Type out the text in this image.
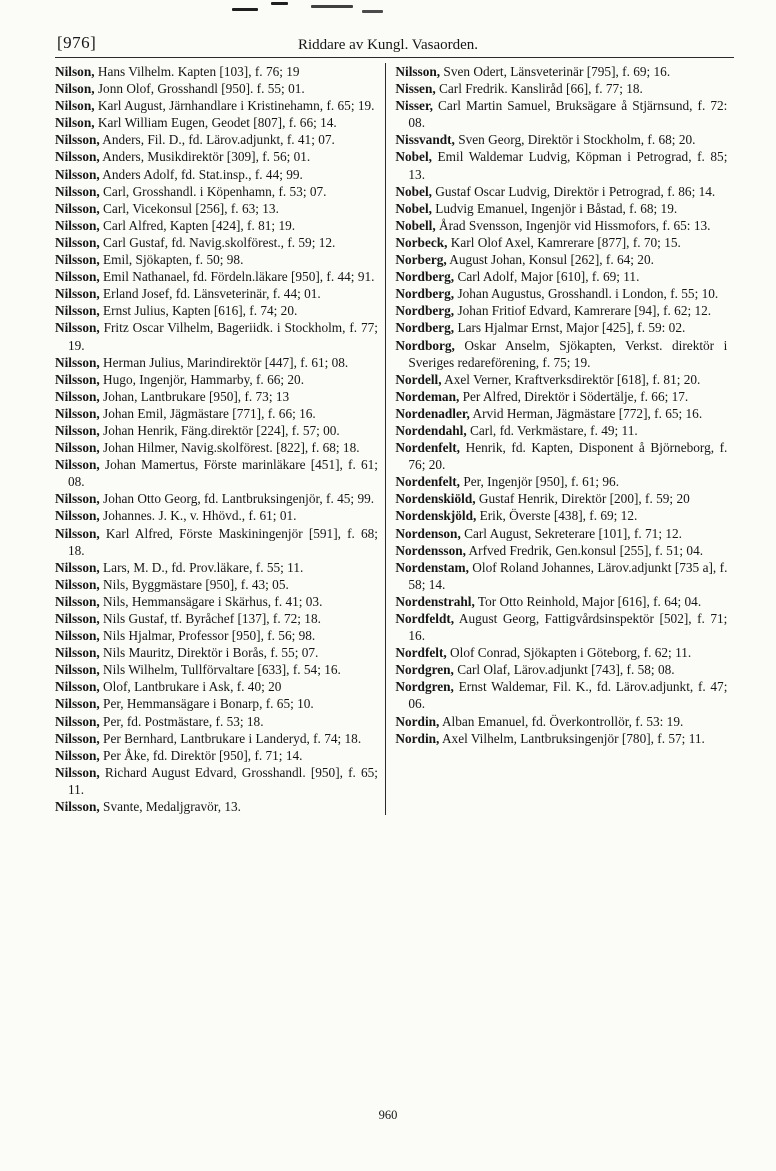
[976]	Riddare av Kungl. Vasaorden.

Nilson, Hans Vilhelm. Kapten [103], f. 76; 19

Nilson, Jonn Olof, Grosshandl [950]. f. 55; 01.

Nilson, Karl August, Järnhandlare i Kristinehamn, f. 65; 19.

Nilson, Karl William Eugen, Geodet [807], f. 66; 14.

Nilsson, Anders, Fil. D., fd. Lärov.adjunkt, f. 41; 07.

Nilsson, Anders, Musikdirektör [309], f. 56; 01.

Nilsson, Anders Adolf, fd. Stat.insp., f. 44; 99.

Nilsson, Carl, Grosshandl. i Köpenhamn, f. 53; 07.

Nilsson, Carl, Vicekonsul [256], f. 63; 13.

Nilsson, Carl Alfred, Kapten [424], f. 81; 19.

Nilsson, Carl Gustaf, fd. Navig.skolförest., f. 59; 12.

Nilsson, Emil, Sjökapten, f. 50; 98.

Nilsson, Emil Nathanael, fd. Fördeln.läkare [950], f. 44; 91.

Nilsson, Erland Josef, fd. Länsveterinär, f. 44; 01.

Nilsson, Ernst Julius, Kapten [616], f. 74; 20.

Nilsson, Fritz Oscar Vilhelm, Bageriidk. i Stockholm, f. 77; 19.

Nilsson, Herman Julius, Marindirektör [447], f. 61; 08.

Nilsson, Hugo, Ingenjör, Hammarby, f. 66; 20.

Nilsson, Johan, Lantbrukare [950], f. 73; 13

Nilsson, Johan Emil, Jägmästare [771], f. 66; 16.

Nilsson, Johan Henrik, Fäng.direktör [224], f. 57; 00.

Nilsson, Johan Hilmer, Navig.skolförest. [822], f. 68; 18.

Nilsson, Johan Mamertus, Förste marinläkare [451], f. 61; 08.

Nilsson, Johan Otto Georg, fd. Lantbruksingenjör, f. 45; 99.

Nilsson, Johannes. J. K., v. Hhövd., f. 61; 01.

Nilsson, Karl Alfred, Förste Maskiningenjör [591], f. 68; 18.

Nilsson, Lars, M. D., fd. Prov.läkare, f. 55; 11.

Nilsson, Nils, Byggmästare [950], f. 43; 05.

Nilsson, Nils, Hemmansägare i Skärhus, f. 41; 03.

Nilsson, Nils Gustaf, tf. Byråchef [137], f. 72; 18.

Nilsson, Nils Hjalmar, Professor [950], f. 56; 98.

Nilsson, Nils Mauritz, Direktör i Borås, f. 55; 07.

Nilsson, Nils Wilhelm, Tullförvaltare [633], f. 54; 16.

Nilsson, Olof, Lantbrukare i Ask, f. 40; 20

Nilsson, Per, Hemmansägare i Bonarp, f. 65; 10.

Nilsson, Per, fd. Postmästare, f. 53; 18.

Nilsson, Per Bernhard, Lantbrukare i Landeryd, f. 74; 18.

Nilsson, Per Åke, fd. Direktör [950], f. 71; 14.

Nilsson, Richard August Edvard, Grosshandl. [950], f. 65; 11.

Nilsson, Svante, Medaljgravör, 13.

Nilsson, Sven Odert, Länsveterinär [795], f. 69; 16.

Nissen, Carl Fredrik. Kansliråd [66], f. 77; 18.

Nisser, Carl Martin Samuel, Bruksägare å Stjärnsund, f. 72: 08.

Nissvandt, Sven Georg, Direktör i Stockholm, f. 68; 20.

Nobel, Emil Waldemar Ludvig, Köpman i Petrograd, f. 85; 13.

Nobel, Gustaf Oscar Ludvig, Direktör i Petrograd, f. 86; 14.

Nobel, Ludvig Emanuel, Ingenjör i Båstad, f. 68; 19.

Nobell, Årad Svensson, Ingenjör vid Hissmofors, f. 65: 13.

Norbeck, Karl Olof Axel, Kamrerare [877], f. 70; 15.

Norberg, August Johan, Konsul [262], f. 64; 20.

Nordberg, Carl Adolf, Major [610], f. 69; 11.

Nordberg, Johan Augustus, Grosshandl. i London, f. 55; 10.

Nordberg, Johan Fritiof Edvard, Kamrerare [94], f. 62; 12.

Nordberg, Lars Hjalmar Ernst, Major [425], f. 59: 02.

Nordborg, Oskar Anselm, Sjökapten, Verkst. direktör i Sveriges redareförening, f. 75; 19.

Nordell, Axel Verner, Kraftverksdirektör [618], f. 81; 20.

Nordeman, Per Alfred, Direktör i Södertälje, f. 66; 17.

Nordenadler, Arvid Herman, Jägmästare [772], f. 65; 16.

Nordendahl, Carl, fd. Verkmästare, f. 49; 11.

Nordenfelt, Henrik, fd. Kapten, Disponent å Björneborg, f. 76; 20.

Nordenfelt, Per, Ingenjör [950], f. 61; 96.

Nordenskiöld, Gustaf Henrik, Direktör [200], f. 59; 20

Nordenskjöld, Erik, Överste [438], f. 69; 12.

Nordenson, Carl August, Sekreterare [101], f. 71; 12.

Nordensson, Arfved Fredrik, Gen.konsul [255], f. 51; 04.

Nordenstam, Olof Roland Johannes, Lärov.adjunkt [735 a], f. 58; 14.

Nordenstrahl, Tor Otto Reinhold, Major [616], f. 64; 04.

Nordfeldt, August Georg, Fattigvårdsinspektör [502], f. 71; 16.

Nordfelt, Olof Conrad, Sjökapten i Göteborg, f. 62; 11.

Nordgren, Carl Olaf, Lärov.adjunkt [743], f. 58; 08.

Nordgren, Ernst Waldemar, Fil. K., fd. Lärov.adjunkt, f. 47; 06.

Nordin, Alban Emanuel, fd. Överkontrollör, f. 53: 19.

Nordin, Axel Vilhelm, Lantbruksingenjör [780], f. 57; 11.

960
